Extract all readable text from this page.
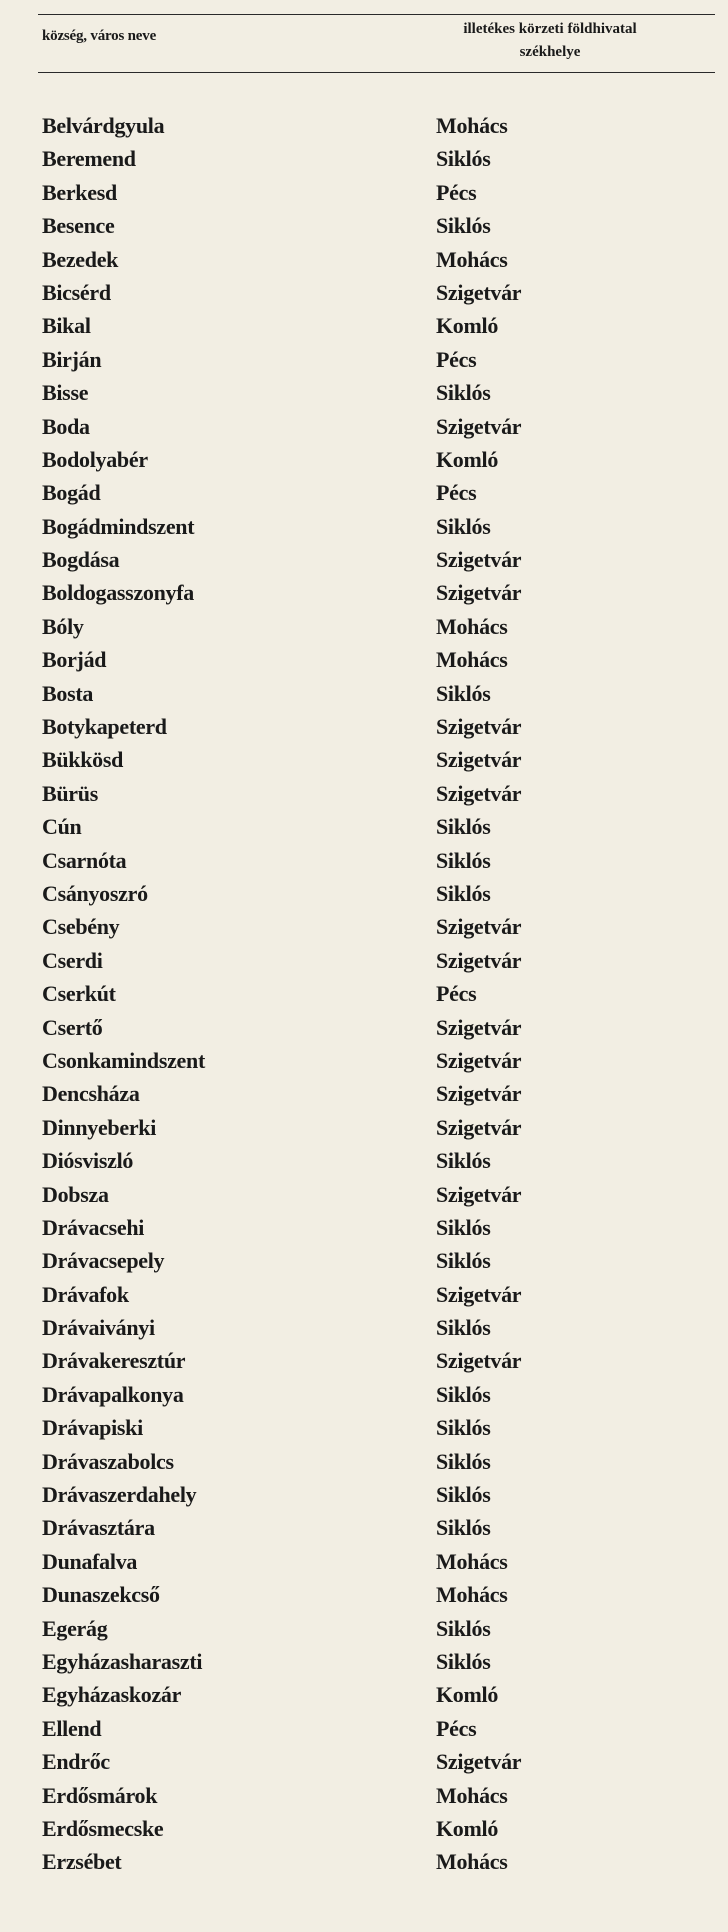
község, város neve	illetékes körzeti földhivatal
székhelye
Belvárdgyula	Mohács
Beremend	Siklós
Berkesd	Pécs
Besence	Siklós
Bezedek	Mohács
Bicsérd	Szigetvár
Bikal	Komló
Birján	Pécs
Bisse	Siklós
Boda	Szigetvár
Bodolyabér	Komló
Bogád	Pécs
Bogádmindszent	Siklós
Bogdása	Szigetvár
Boldogasszonyfa	Szigetvár
Bóly	Mohács
Borjád	Mohács
Bosta	Siklós
Botykapeterd	Szigetvár
Bükkösd	Szigetvár
Bürüs	Szigetvár
Cún	Siklós
Csarnóta	Siklós
Csányoszró	Siklós
Csebény	Szigetvár
Cserdi	Szigetvár
Cserkút	Pécs
Csertő	Szigetvár
Csonkamindszent	Szigetvár
Dencsháza	Szigetvár
Dinnyeberki	Szigetvár
Diósviszló	Siklós
Dobsza	Szigetvár
Drávacsehi	Siklós
Drávacsepely	Siklós
Drávafok	Szigetvár
Drávaiványi	Siklós
Drávakeresztúr	Szigetvár
Drávapalkonya	Siklós
Drávapiski	Siklós
Drávaszabolcs	Siklós
Drávaszerdahely	Siklós
Drávasztára	Siklós
Dunafalva	Mohács
Dunaszekcső	Mohács
Egerág	Siklós
Egyházasharaszti	Siklós
Egyházaskozár	Komló
Ellend	Pécs
Endrőc	Szigetvár
Erdősmárok	Mohács
Erdősmecske	Komló
Erzsébet	Mohács
